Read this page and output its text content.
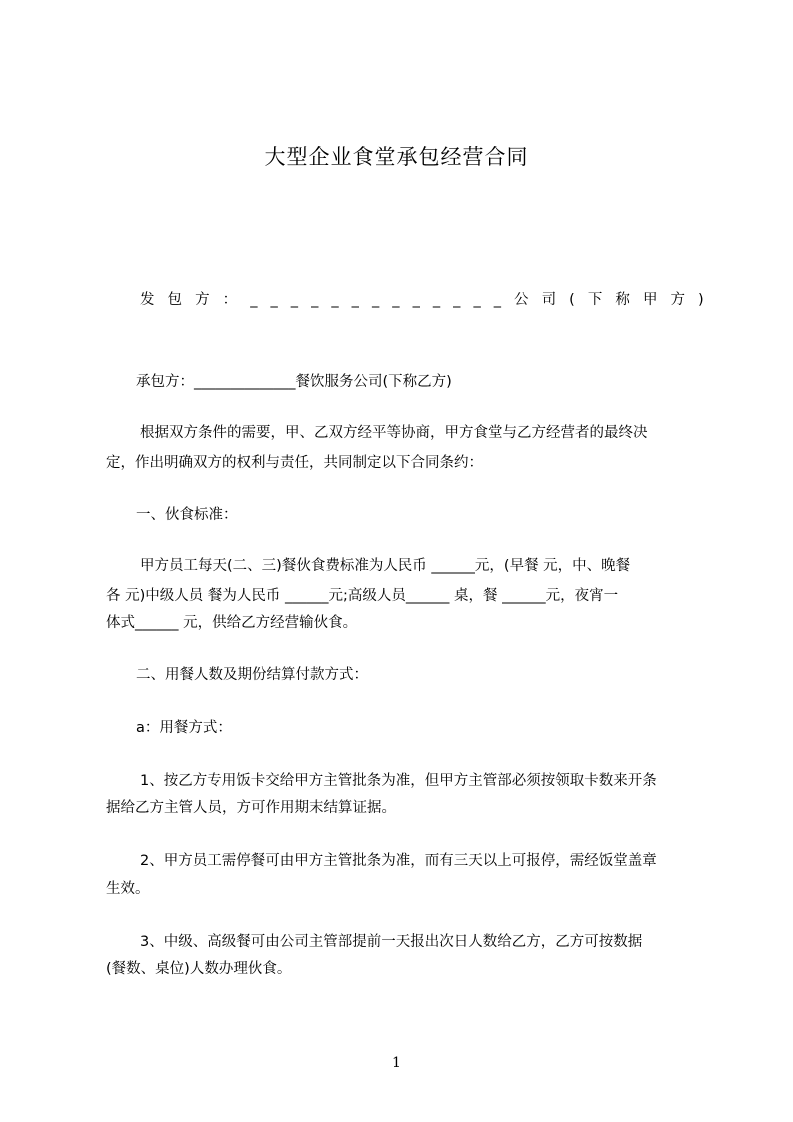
大型企业食堂承包经营合同
发 包 方 ： _ _ _ _ _ _ _ _ _ _ _ _ _ 公 司 ( 下 称 甲 方 )
承包方：______________餐饮服务公司(下称乙方)
根据双方条件的需要，甲、乙双方经平等协商，甲方食堂与乙方经营者的最终决
定，作出明确双方的权利与责任，共同制定以下合同条约：
一、伙食标准：
甲方员工每天(二、三)餐伙食费标准为人民币 ______元，(早餐 元，中、晚餐
各 元)中级人员 餐为人民币 ______元;高级人员______ 桌，餐 ______元，夜宵一
体式______ 元，供给乙方经营输伙食。
二、用餐人数及期份结算付款方式：
a：用餐方式：
1、按乙方专用饭卡交给甲方主管批条为准，但甲方主管部必须按领取卡数来开条
据给乙方主管人员，方可作用期末结算证据。
2、甲方员工需停餐可由甲方主管批条为准，而有三天以上可报停，需经饭堂盖章
生效。
3、中级、高级餐可由公司主管部提前一天报出次日人数给乙方，乙方可按数据
(餐数、桌位)人数办理伙食。
1
